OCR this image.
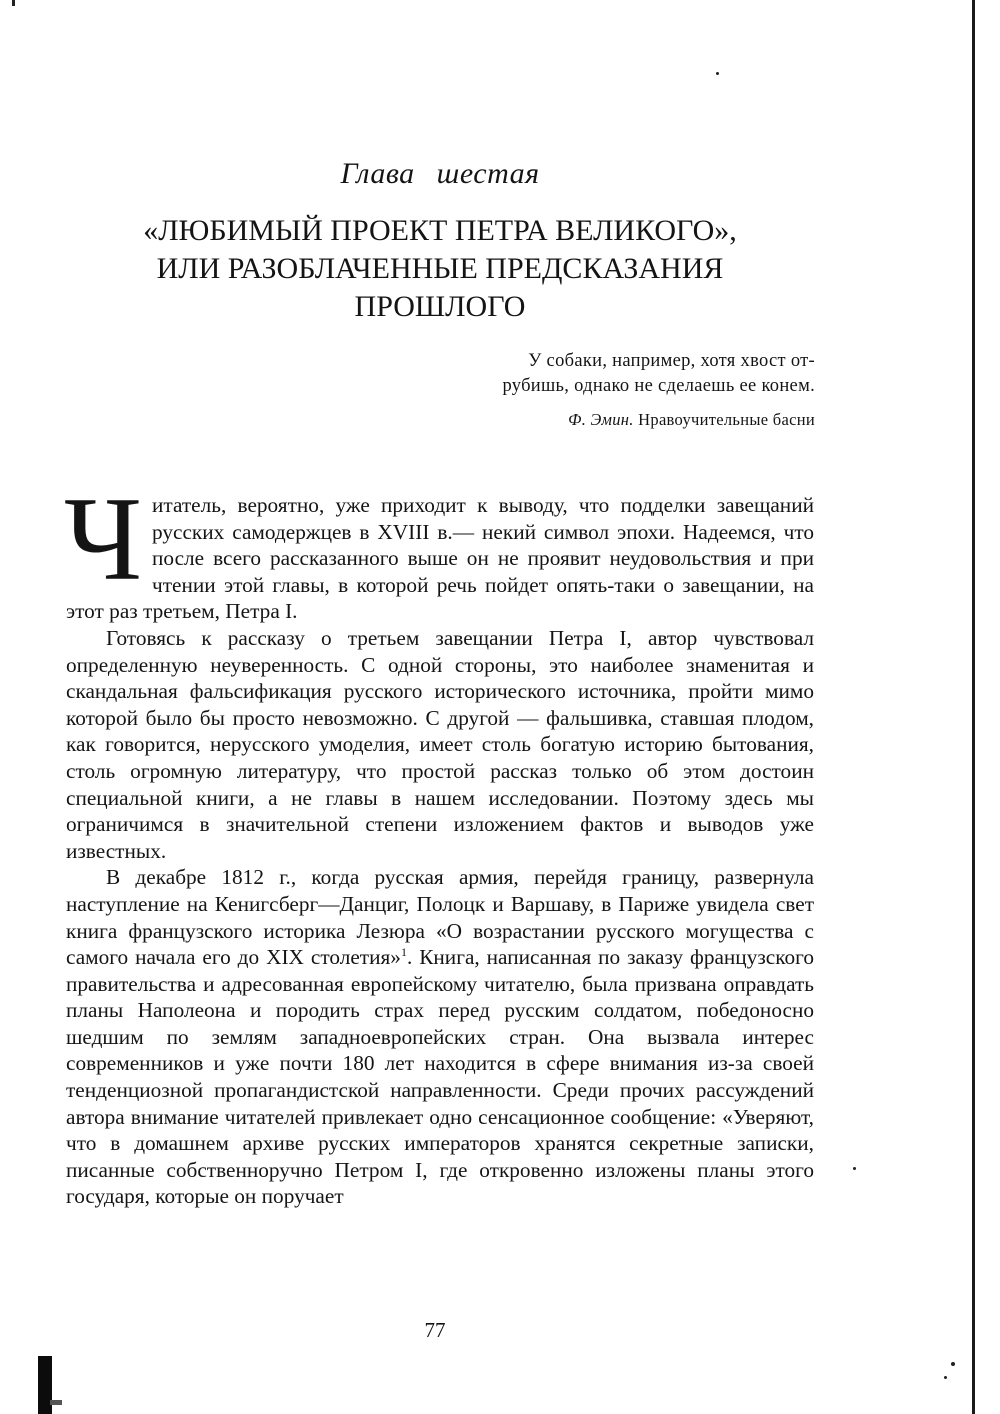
Глава шестая

«ЛЮБИМЫЙ ПРОЕКТ ПЕТРА ВЕЛИКОГО»,
ИЛИ РАЗОБЛАЧЕННЫЕ ПРЕДСКАЗАНИЯ
ПРОШЛОГО

У собаки, например, хотя хвост от-
рубишь, однако не сделаешь ее конем.

Ф. Эмин. Нравоучительные басни

Читатель, вероятно, уже приходит к выводу, что подделки завещаний русских самодержцев в XVIII в.— некий символ эпохи. Надеемся, что после всего рассказанного выше он не проявит неудовольствия и при чтении этой главы, в которой речь пойдет опять-таки о завещании, на этот раз третьем, Петра I.

Готовясь к рассказу о третьем завещании Петра I, автор чувствовал определенную неуверенность. С одной стороны, это наиболее знаменитая и скандальная фальсификация русского исторического источника, пройти мимо которой было бы просто невозможно. С другой — фальшивка, ставшая плодом, как говорится, нерусского умоделия, имеет столь богатую историю бытования, столь огромную литературу, что простой рассказ только об этом достоин специальной книги, а не главы в нашем исследовании. Поэтому здесь мы ограничимся в значительной степени изложением фактов и выводов уже известных.

В декабре 1812 г., когда русская армия, перейдя границу, развернула наступление на Кенигсберг—Данциг, Полоцк и Варшаву, в Париже увидела свет книга французского историка Лезюра «О возрастании русского могущества с самого начала его до XIX столетия»$^1$. Книга, написанная по заказу французского правительства и адресованная европейскому читателю, была призвана оправдать планы Наполеона и породить страх перед русским солдатом, победоносно шедшим по землям западноевропейских стран. Она вызвала интерес современников и уже почти 180 лет находится в сфере внимания из-за своей тенденциозной пропагандистской направленности. Среди прочих рассуждений автора внимание читателей привлекает одно сенсационное сообщение: «Уверяют, что в домашнем архиве русских императоров хранятся секретные записки, писанные собственноручно Петром I, где откровенно изложены планы этого государя, которые он поручает

77
